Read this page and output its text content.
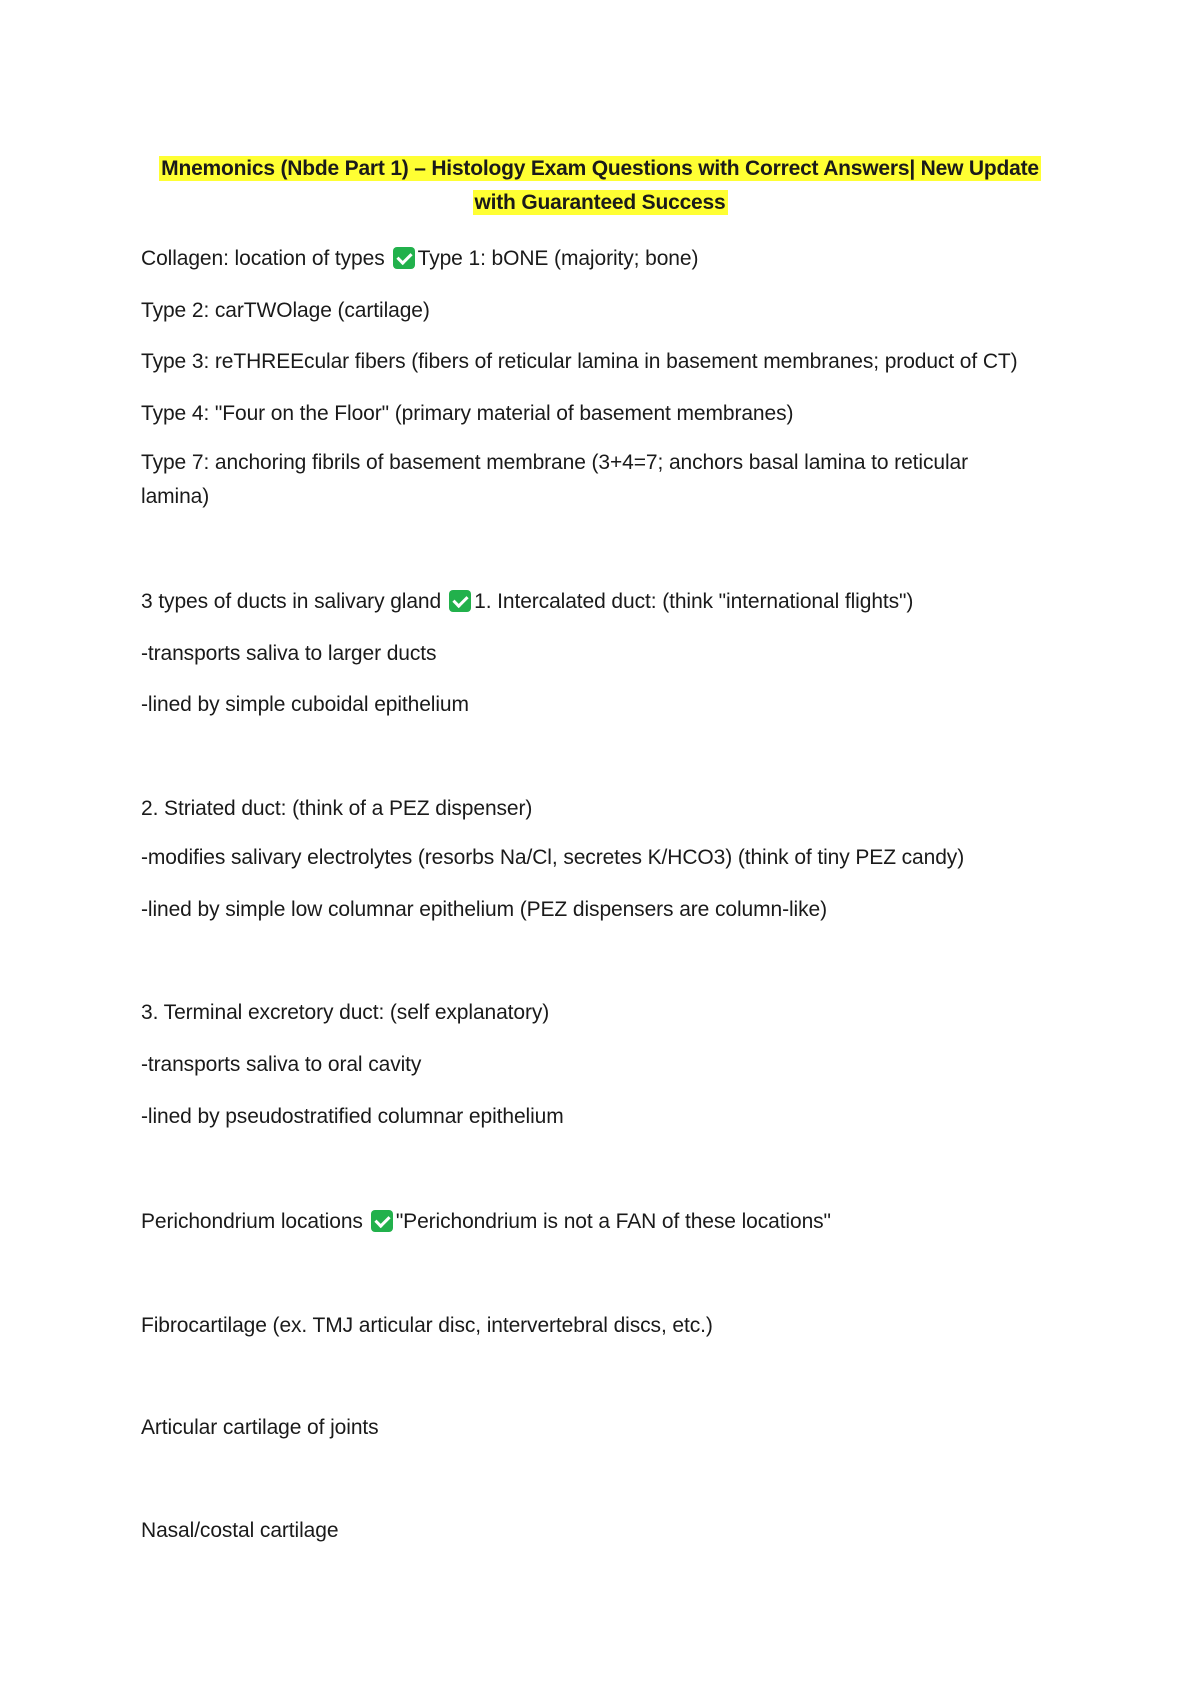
Mnemonics (Nbde Part 1) – Histology Exam Questions with Correct Answers| New Update
with Guaranteed Success
Collagen: location of types Type 1: bONE (majority; bone)
Type 2: carTWOlage (cartilage)
Type 3: reTHREEcular fibers (fibers of reticular lamina in basement membranes; product of CT)
Type 4: "Four on the Floor" (primary material of basement membranes)
Type 7: anchoring fibrils of basement membrane (3+4=7; anchors basal lamina to reticular lamina)
3 types of ducts in salivary gland 1. Intercalated duct: (think "international flights")
-transports saliva to larger ducts
-lined by simple cuboidal epithelium
2. Striated duct: (think of a PEZ dispenser)
-modifies salivary electrolytes (resorbs Na/Cl, secretes K/HCO3) (think of tiny PEZ candy)
-lined by simple low columnar epithelium (PEZ dispensers are column-like)
3. Terminal excretory duct: (self explanatory)
-transports saliva to oral cavity
-lined by pseudostratified columnar epithelium
Perichondrium locations "Perichondrium is not a FAN of these locations"
Fibrocartilage (ex. TMJ articular disc, intervertebral discs, etc.)
Articular cartilage of joints
Nasal/costal cartilage
